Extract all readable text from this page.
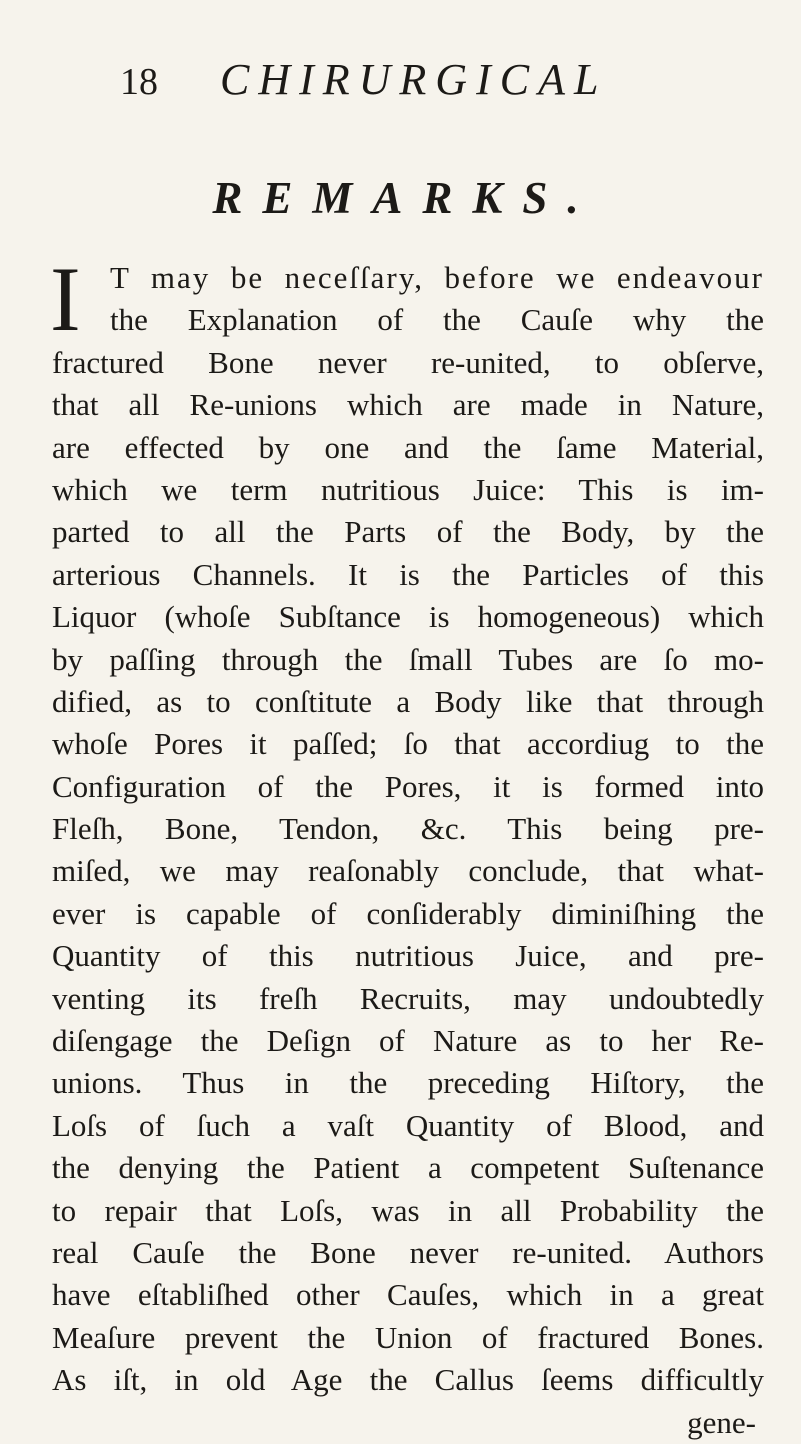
18 CHIRURGICAL
REMARKS.
I T may be neceſſary, before we endeavour
the Explanation of the Cauſe why the
fractured Bone never re-united, to obſerve,
that all Re-unions which are made in Nature,
are effected by one and the ſame Material,
which we term nutritious Juice: This is im-
parted to all the Parts of the Body, by the
arterious Channels. It is the Particles of this
Liquor (whoſe Subſtance is homogeneous) which
by paſſing through the ſmall Tubes are ſo mo-
dified, as to conſtitute a Body like that through
whoſe Pores it paſſed; ſo that accordiug to the
Configuration of the Pores, it is formed into
Fleſh, Bone, Tendon, &c. This being pre-
miſed, we may reaſonably conclude, that what-
ever is capable of conſiderably diminiſhing the
Quantity of this nutritious Juice, and pre-
venting its freſh Recruits, may undoubtedly
diſengage the Deſign of Nature as to her Re-
unions. Thus in the preceding Hiſtory, the
Loſs of ſuch a vaſt Quantity of Blood, and
the denying the Patient a competent Suſtenance
to repair that Loſs, was in all Probability the
real Cauſe the Bone never re-united. Authors
have eſtabliſhed other Cauſes, which in a great
Meaſure prevent the Union of fractured Bones.
As iſt, in old Age the Callus ſeems difficultly
gene-
